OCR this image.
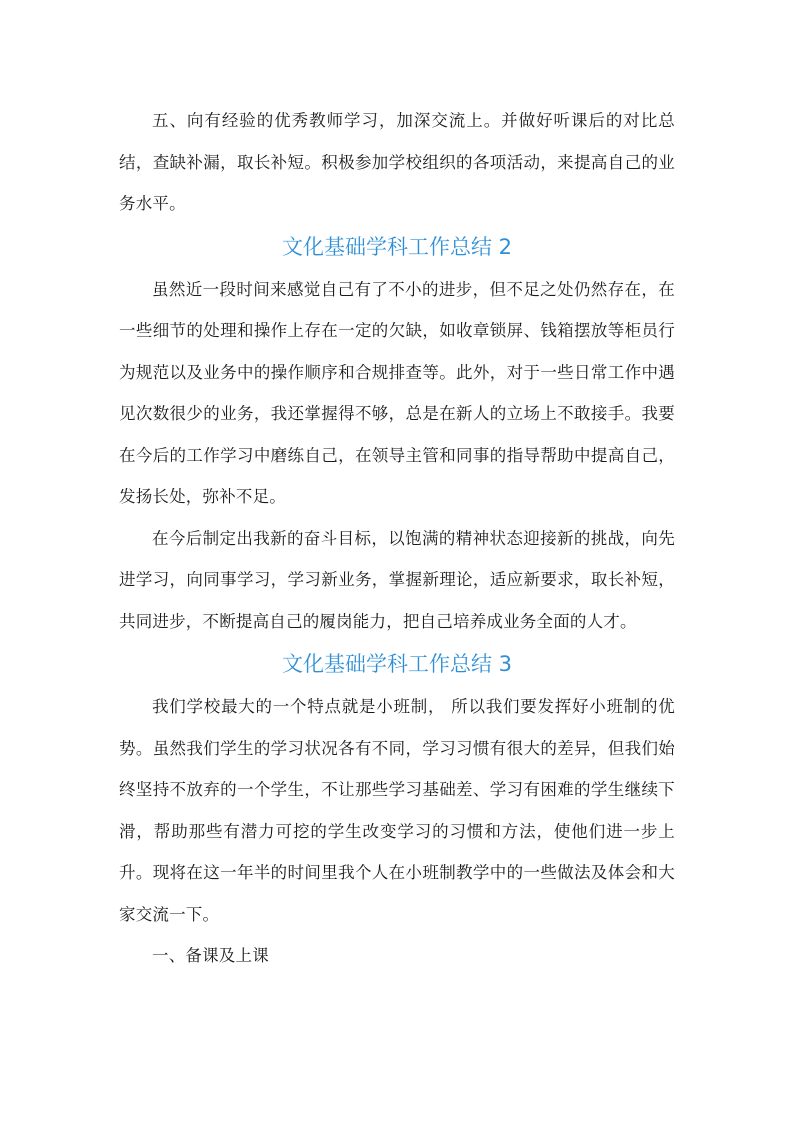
五、向有经验的优秀教师学习，加深交流上。并做好听课后的对比总结，查缺补漏，取长补短。积极参加学校组织的各项活动，来提高自己的业务水平。

文化基础学科工作总结 2

虽然近一段时间来感觉自己有了不小的进步，但不足之处仍然存在，在一些细节的处理和操作上存在一定的欠缺，如收章锁屏、钱箱摆放等柜员行为规范以及业务中的操作顺序和合规排查等。此外，对于一些日常工作中遇见次数很少的业务，我还掌握得不够，总是在新人的立场上不敢接手。我要在今后的工作学习中磨练自己，在领导主管和同事的指导帮助中提高自己，发扬长处，弥补不足。

在今后制定出我新的奋斗目标，以饱满的精神状态迎接新的挑战，向先进学习，向同事学习，学习新业务，掌握新理论，适应新要求，取长补短，共同进步，不断提高自己的履岗能力，把自己培养成业务全面的人才。

文化基础学科工作总结 3

我们学校最大的一个特点就是小班制， 所以我们要发挥好小班制的优势。虽然我们学生的学习状况各有不同，学习习惯有很大的差异，但我们始终坚持不放弃的一个学生，不让那些学习基础差、学习有困难的学生继续下滑，帮助那些有潜力可挖的学生改变学习的习惯和方法，使他们进一步上升。现将在这一年半的时间里我个人在小班制教学中的一些做法及体会和大家交流一下。

一、备课及上课
